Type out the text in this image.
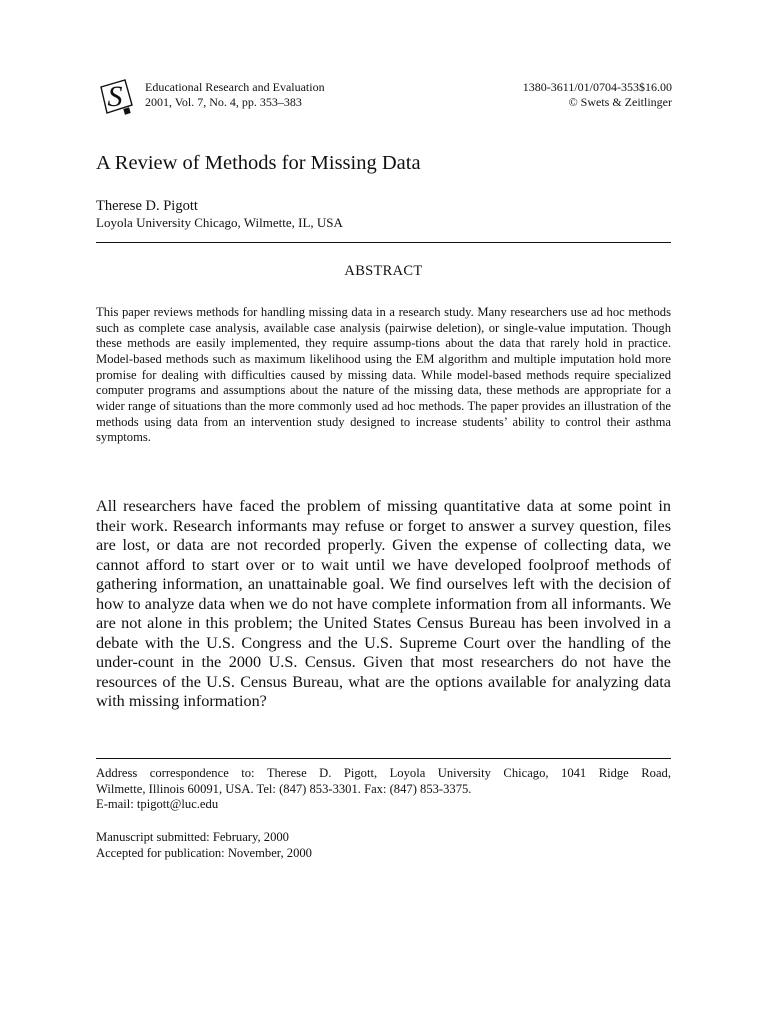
S	Educational Research and Evaluation
2001, Vol. 7, No. 4, pp. 353–383
1380-3611/01/0704-353$16.00
© Swets & Zeitlinger
A Review of Methods for Missing Data
Therese D. Pigott
Loyola University Chicago, Wilmette, IL, USA
ABSTRACT
This paper reviews methods for handling missing data in a research study. Many researchers use ad hoc methods such as complete case analysis, available case analysis (pairwise deletion), or single-value imputation. Though these methods are easily implemented, they require assump-tions about the data that rarely hold in practice. Model-based methods such as maximum likelihood using the EM algorithm and multiple imputation hold more promise for dealing with difficulties caused by missing data. While model-based methods require specialized computer programs and assumptions about the nature of the missing data, these methods are appropriate for a wider range of situations than the more commonly used ad hoc methods. The paper provides an illustration of the methods using data from an intervention study designed to increase students’ ability to control their asthma symptoms.
All researchers have faced the problem of missing quantitative data at some point in their work. Research informants may refuse or forget to answer a survey question, files are lost, or data are not recorded properly. Given the expense of collecting data, we cannot afford to start over or to wait until we have developed foolproof methods of gathering information, an unattainable goal. We find ourselves left with the decision of how to analyze data when we do not have complete information from all informants. We are not alone in this problem; the United States Census Bureau has been involved in a debate with the U.S. Congress and the U.S. Supreme Court over the handling of the under-count in the 2000 U.S. Census. Given that most researchers do not have the resources of the U.S. Census Bureau, what are the options available for analyzing data with missing information?
Address correspondence to: Therese D. Pigott, Loyola University Chicago, 1041 Ridge Road,
Wilmette, Illinois 60091, USA. Tel: (847) 853-3301. Fax: (847) 853-3375.
E-mail: tpigott@luc.edu
Manuscript submitted: February, 2000
Accepted for publication: November, 2000
